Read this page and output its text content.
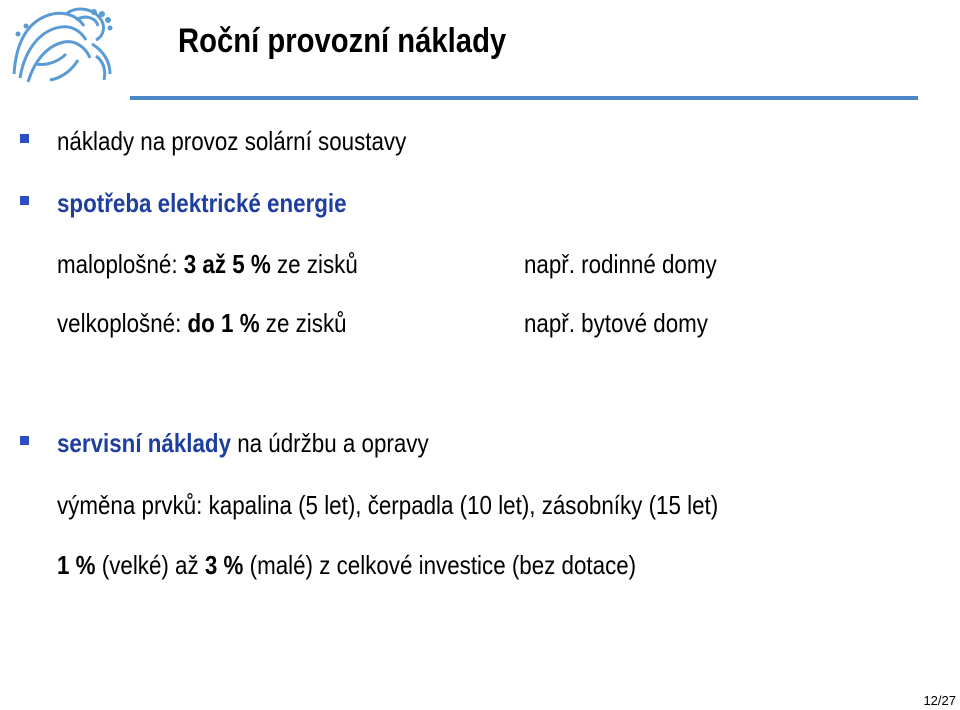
Roční provozní náklady
náklady na provoz solární soustavy
spotřeba elektrické energie
maloplošné: 3 až 5 % ze zisků	např. rodinné domy
velkoplošné: do 1 % ze zisků	např. bytové domy
servisní náklady na údržbu a opravy
výměna prvků: kapalina (5 let), čerpadla (10 let), zásobníky (15 let)
1 % (velké) až 3 % (malé) z celkové investice (bez dotace)
12/27
